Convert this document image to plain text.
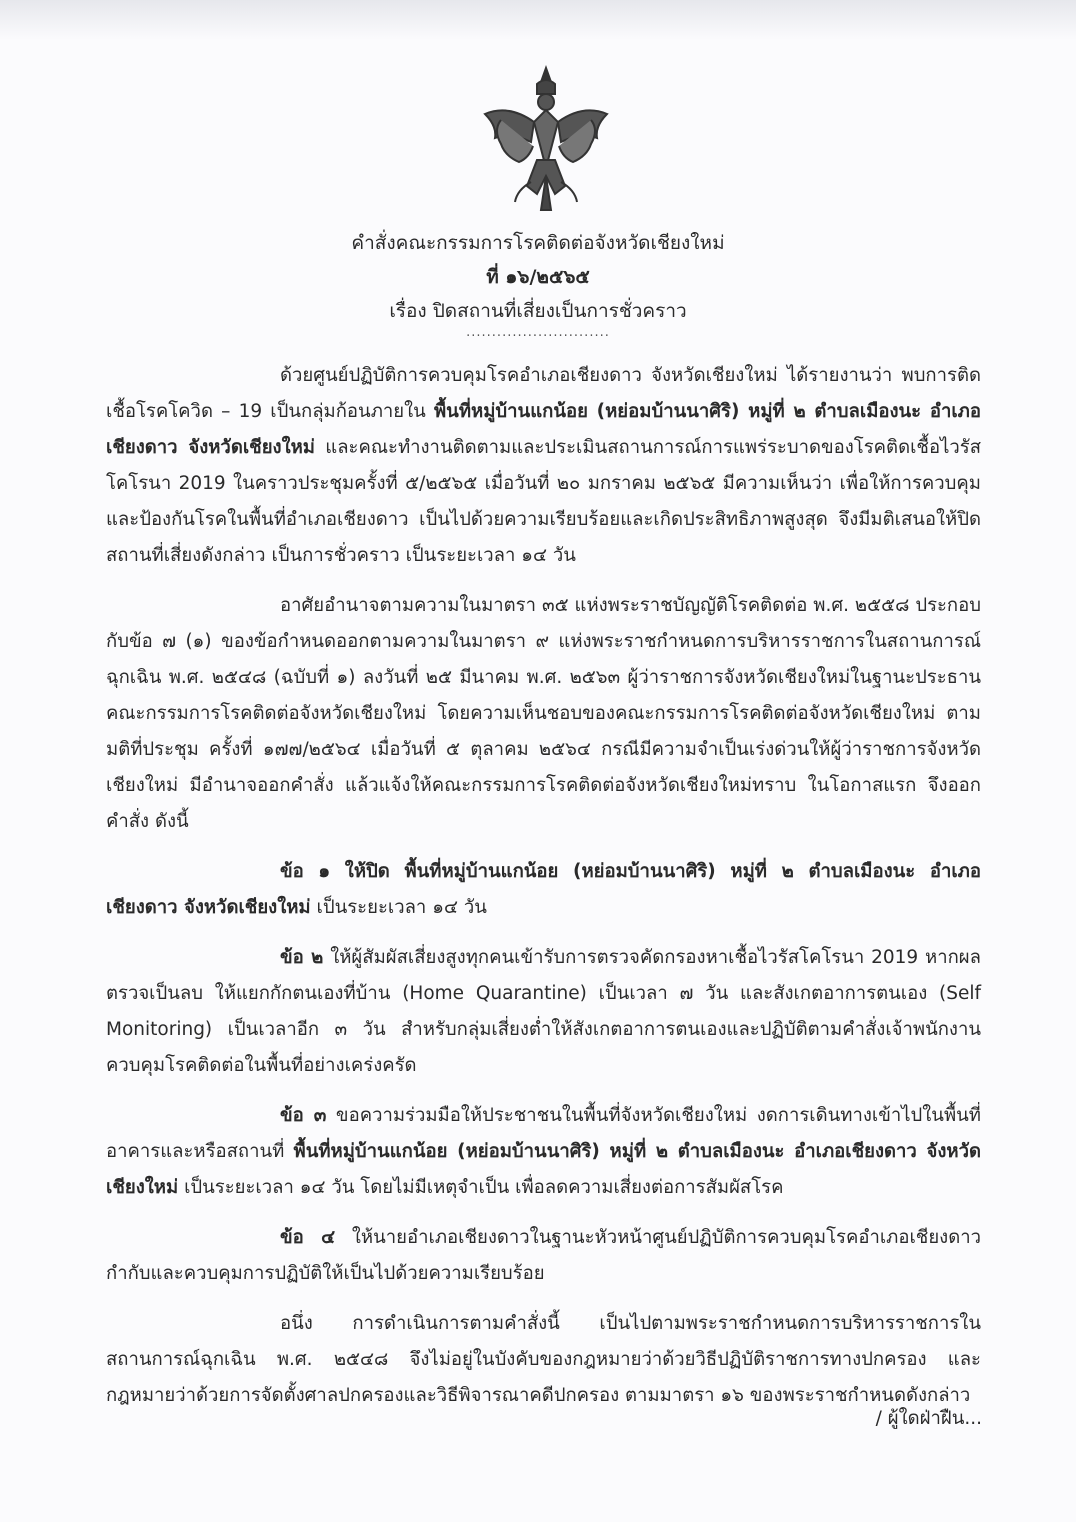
คำสั่งคณะกรรมการโรคติดต่อจังหวัดเชียงใหม่
ที่ ๑๖/๒๕๖๕
เรื่อง ปิดสถานที่เสี่ยงเป็นการชั่วคราว
............................

ด้วยศูนย์ปฏิบัติการควบคุมโรคอำเภอเชียงดาว จังหวัดเชียงใหม่ ได้รายงานว่า พบการติดเชื้อโรคโควิด – 19 เป็นกลุ่มก้อนภายใน พื้นที่หมู่บ้านแกน้อย (หย่อมบ้านนาศิริ) หมู่ที่ ๒ ตำบลเมืองนะ อำเภอเชียงดาว จังหวัดเชียงใหม่ และคณะทำงานติดตามและประเมินสถานการณ์การแพร่ระบาดของโรคติดเชื้อไวรัสโคโรนา 2019 ในคราวประชุมครั้งที่ ๕/๒๕๖๕ เมื่อวันที่ ๒๐ มกราคม ๒๕๖๕ มีความเห็นว่า เพื่อให้การควบคุมและป้องกันโรคในพื้นที่อำเภอเชียงดาว เป็นไปด้วยความเรียบร้อยและเกิดประสิทธิภาพสูงสุด จึงมีมติเสนอให้ปิดสถานที่เสี่ยงดังกล่าว เป็นการชั่วคราว เป็นระยะเวลา ๑๔ วัน

อาศัยอำนาจตามความในมาตรา ๓๕ แห่งพระราชบัญญัติโรคติดต่อ พ.ศ. ๒๕๕๘ ประกอบกับข้อ ๗ (๑) ของข้อกำหนดออกตามความในมาตรา ๙ แห่งพระราชกำหนดการบริหารราชการในสถานการณ์ฉุกเฉิน พ.ศ. ๒๕๔๘ (ฉบับที่ ๑) ลงวันที่ ๒๕ มีนาคม พ.ศ. ๒๕๖๓ ผู้ว่าราชการจังหวัดเชียงใหม่ในฐานะประธานคณะกรรมการโรคติดต่อจังหวัดเชียงใหม่ โดยความเห็นชอบของคณะกรรมการโรคติดต่อจังหวัดเชียงใหม่ ตามมติที่ประชุม ครั้งที่ ๑๗๗/๒๕๖๔ เมื่อวันที่ ๕ ตุลาคม ๒๕๖๔ กรณีมีความจำเป็นเร่งด่วนให้ผู้ว่าราชการจังหวัดเชียงใหม่ มีอำนาจออกคำสั่ง แล้วแจ้งให้คณะกรรมการโรคติดต่อจังหวัดเชียงใหม่ทราบ ในโอกาสแรก จึงออกคำสั่ง ดังนี้

ข้อ ๑ ให้ปิด พื้นที่หมู่บ้านแกน้อย (หย่อมบ้านนาศิริ) หมู่ที่ ๒ ตำบลเมืองนะ อำเภอเชียงดาว จังหวัดเชียงใหม่ เป็นระยะเวลา ๑๔ วัน

ข้อ ๒ ให้ผู้สัมผัสเสี่ยงสูงทุกคนเข้ารับการตรวจคัดกรองหาเชื้อไวรัสโคโรนา 2019 หากผลตรวจเป็นลบ ให้แยกกักตนเองที่บ้าน (Home Quarantine) เป็นเวลา ๗ วัน และสังเกตอาการตนเอง (Self Monitoring) เป็นเวลาอีก ๓ วัน สำหรับกลุ่มเสี่ยงต่ำให้สังเกตอาการตนเองและปฏิบัติตามคำสั่งเจ้าพนักงานควบคุมโรคติดต่อในพื้นที่อย่างเคร่งครัด

ข้อ ๓ ขอความร่วมมือให้ประชาชนในพื้นที่จังหวัดเชียงใหม่ งดการเดินทางเข้าไปในพื้นที่อาคารและหรือสถานที่ พื้นที่หมู่บ้านแกน้อย (หย่อมบ้านนาศิริ) หมู่ที่ ๒ ตำบลเมืองนะ อำเภอเชียงดาว จังหวัดเชียงใหม่ เป็นระยะเวลา ๑๔ วัน โดยไม่มีเหตุจำเป็น เพื่อลดความเสี่ยงต่อการสัมผัสโรค

ข้อ ๔ ให้นายอำเภอเชียงดาวในฐานะหัวหน้าศูนย์ปฏิบัติการควบคุมโรคอำเภอเชียงดาว กำกับและควบคุมการปฏิบัติให้เป็นไปด้วยความเรียบร้อย

อนึ่ง การดำเนินการตามคำสั่งนี้ เป็นไปตามพระราชกำหนดการบริหารราชการในสถานการณ์ฉุกเฉิน พ.ศ. ๒๕๔๘ จึงไม่อยู่ในบังคับของกฎหมายว่าด้วยวิธีปฏิบัติราชการทางปกครอง และกฎหมายว่าด้วยการจัดตั้งศาลปกครองและวิธีพิจารณาคดีปกครอง ตามมาตรา ๑๖ ของพระราชกำหนดดังกล่าว

/ ผู้ใดฝ่าฝืน...
